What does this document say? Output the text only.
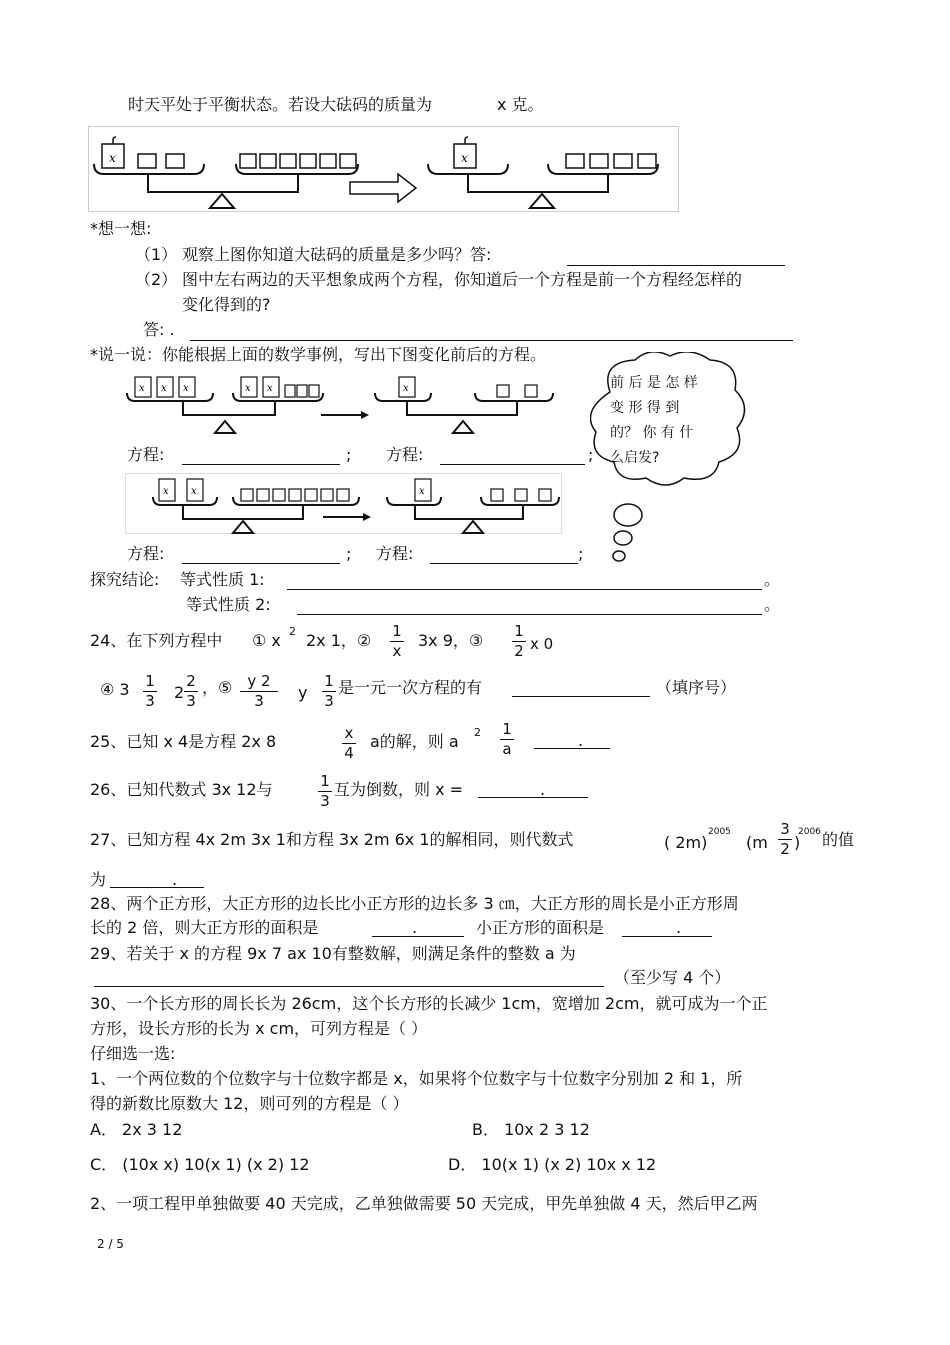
时天平处于平衡状态。若设大砝码的质量为	x 克。
x	x
*想一想:
（1） 观察上图你知道大砝码的质量是多少吗？答:
（2） 图中左右两边的天平想象成两个方程，你知道后一个方程是前一个方程经怎样的
变化得到的?
答: .
*说一说：你能根据上面的数学事例，写出下图变化前后的方程。
前 后 是 怎 样
变 形 得 到
的？ 你 有 什
么启发?
x x x	x x	x
方程:	; 方程:	;
x x	x
方程:	; 方程:	;
探究结论: 等式性质 1:	。
等式性质 2:	。
24、在下列方程中 ① x 2 2x 1，② 1
x
3x 9，③ 1
2 x 0
④ 3 1
3 2
2
3
，⑤	y 2
3	y
1
3
是一元一次方程的有	（填序号）
25、已知 x 4是方程 2x 8	x
4
a的解，则 a 2 1
a	.
26、已知代数式 3x 12与	1
3
互为倒数，则 x =	.
27、已知方程 4x 2m 3x 1和方程 3x 2m 6x 1的解相同，则代数式	( 2m)
2005
(m
3
2 )
2006 的值
为	.
28、两个正方形，大正方形的边长比小正方形的边长多 3 ㎝，大正方形的周长是小正方形周
长的 2 倍，则大正方形的面积是	.	小正方形的面积是	.
29、若关于 x 的方程 9x 7 ax 10有整数解，则满足条件的整数 a 为
（至少写 4 个）
30、一个长方形的周长长为 26cm，这个长方形的长减少 1cm，宽增加 2cm，就可成为一个正
方形，设长方形的长为 x cm，可列方程是（ ）
仔细选一选:
1、一个两位数的个位数字与十位数字都是 x，如果将个位数字与十位数字分别加 2 和 1，所
得的新数比原数大 12，则可列的方程是（ ）
A． 2x 3 12	B． 10x 2 3 12
C． (10x x) 10(x 1) (x 2) 12	D． 10(x 1) (x 2) 10x x 12
2、一项工程甲单独做要 40 天完成，乙单独做需要 50 天完成，甲先单独做 4 天，然后甲乙两
2 / 5
